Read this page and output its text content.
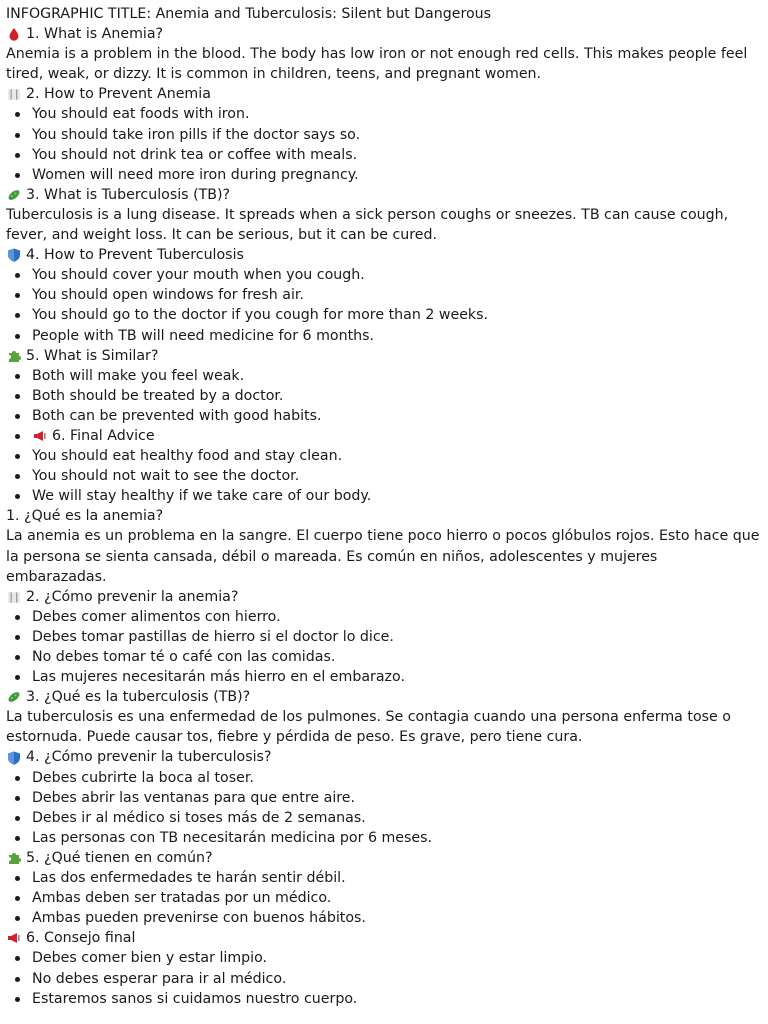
INFOGRAPHIC TITLE: Anemia and Tuberculosis: Silent but Dangerous

1. What is Anemia?

Anemia is a problem in the blood. The body has low iron or not enough red cells. This makes people feel tired, weak, or dizzy. It is common in children, teens, and pregnant women.

2. How to Prevent Anemia
You should eat foods with iron.
You should take iron pills if the doctor says so.
You should not drink tea or coffee with meals.
Women will need more iron during pregnancy.
3. What is Tuberculosis (TB)?

Tuberculosis is a lung disease. It spreads when a sick person coughs or sneezes. TB can cause cough, fever, and weight loss. It can be serious, but it can be cured.

4. How to Prevent Tuberculosis
You should cover your mouth when you cough.
You should open windows for fresh air.
You should go to the doctor if you cough for more than 2 weeks.
People with TB will need medicine for 6 months.
5. What is Similar?
Both will make you feel weak.
Both should be treated by a doctor.
Both can be prevented with good habits.
6. Final Advice
You should eat healthy food and stay clean.
You should not wait to see the doctor.
We will stay healthy if we take care of our body.

1. ¿Qué es la anemia?

La anemia es un problema en la sangre. El cuerpo tiene poco hierro o pocos glóbulos rojos. Esto hace que la persona se sienta cansada, débil o mareada. Es común en niños, adolescentes y mujeres embarazadas.

2. ¿Cómo prevenir la anemia?
Debes comer alimentos con hierro.
Debes tomar pastillas de hierro si el doctor lo dice.
No debes tomar té o café con las comidas.
Las mujeres necesitarán más hierro en el embarazo.
3. ¿Qué es la tuberculosis (TB)?

La tuberculosis es una enfermedad de los pulmones. Se contagia cuando una persona enferma tose o estornuda. Puede causar tos, fiebre y pérdida de peso. Es grave, pero tiene cura.

4. ¿Cómo prevenir la tuberculosis?
Debes cubrirte la boca al toser.
Debes abrir las ventanas para que entre aire.
Debes ir al médico si toses más de 2 semanas.
Las personas con TB necesitarán medicina por 6 meses.
5. ¿Qué tienen en común?
Las dos enfermedades te harán sentir débil.
Ambas deben ser tratadas por un médico.
Ambas pueden prevenirse con buenos hábitos.
6. Consejo final
Debes comer bien y estar limpio.
No debes esperar para ir al médico.
Estaremos sanos si cuidamos nuestro cuerpo.
